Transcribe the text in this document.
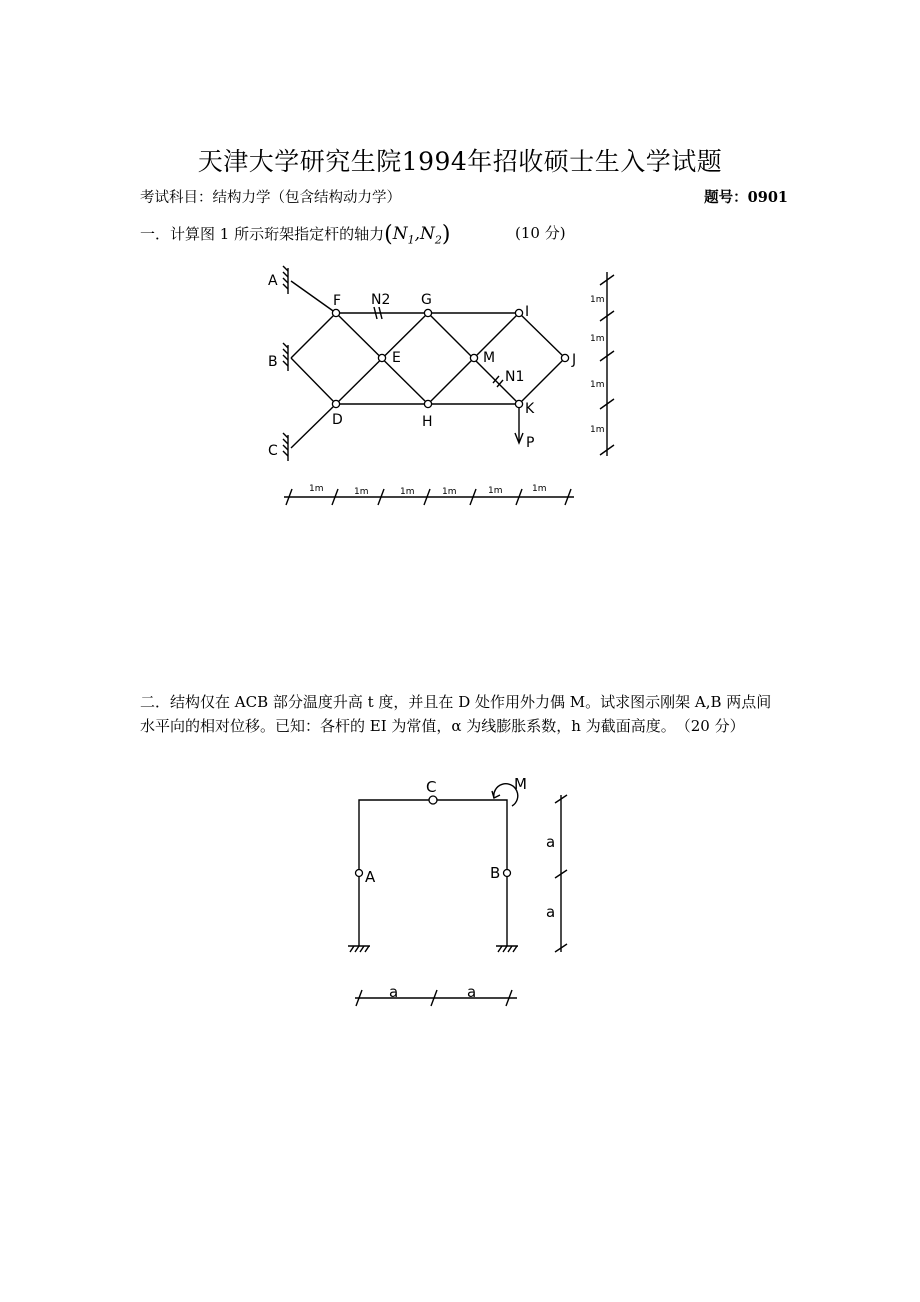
天津大学研究生院1994年招收硕士生入学试题
考试科目：结构力学（包含结构动力学）	题号：0901
一．计算图 1 所示珩架指定杆的轴力$(N_1,N_2)$	(10 分)
A
B
C
D
E
F	G
H
I
J
K
M
N2
N1
P
1m
1m
1m
1m
1m	1m	1m	1m	1m	1m
二．结构仅在 ACB 部分温度升高 t 度，并且在 D 处作用外力偶 M。试求图示刚架 A,B 两点间水平向的相对位移。已知：各杆的 EI 为常值，α 为线膨胀系数，h 为截面高度。　（20 分）
C	M
A	B
a
a
a	a
